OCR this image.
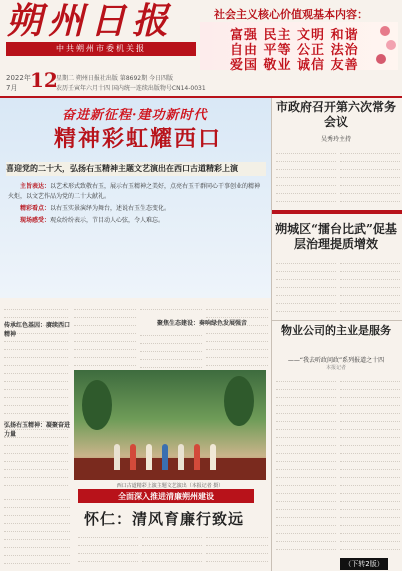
朔州日报
中共朔州市委机关报
社会主义核心价值观基本内容：
富强 民主 文明 和谐
自由 平等 公正 法治
爱国 敬业 诚信 友善
2022年
7月 12
星期二 朔州日报社出版 第8692期 今日四版
农历壬寅年六月十四 国内统一连续出版物号CN14-0031
奋进新征程·建功新时代
精神彩虹耀西口
喜迎党的二十大，弘扬右玉精神主题文艺演出在西口古道精彩上演

主旨表达：以艺术形式致敬右玉，展示右玉精神之美好，点亮右玉干群同心干事创业的精神火炬，以文艺作品为党的二十大献礼。

精彩看点：以右玉实景演绎为舞台，述说右玉生态变化。

现场感受：观众纷纷表示，节目动人心弦，令人难忘。

传承红色基因：赓续西口精神
弘扬右玉精神：凝聚奋进力量
聚焦生态建设：奏响绿色发展强音
西口古道精彩上演主题文艺演出（本报记者 摄）
全面深入推进清廉朔州建设
怀仁：清风育廉行致远
市政府召开第六次常务会议
吴秀玲主持
朔城区“擂台比武”促基层治理提质增效
物业公司的主业是服务
——“我去听政问政”系列报道之十四
本报记者
（下转2版）
